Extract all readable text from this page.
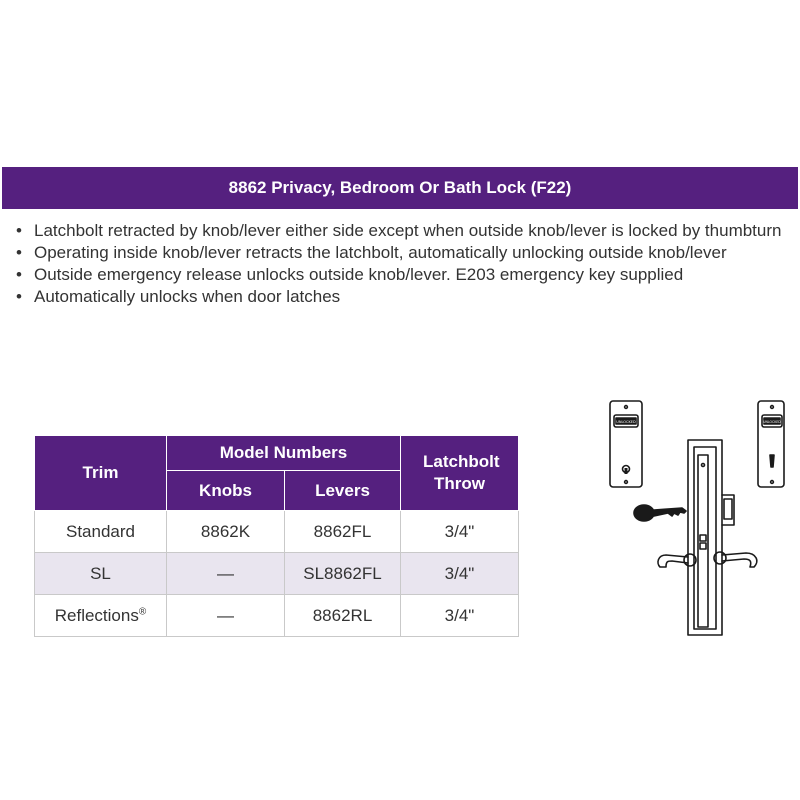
8862 Privacy, Bedroom Or Bath Lock (F22)
• Latchbolt retracted by knob/lever either side except when outside knob/lever is locked by thumbturn
• Operating inside knob/lever retracts the latchbolt, automatically unlocking outside knob/lever
• Outside emergency release unlocks outside knob/lever. E203 emergency key supplied
• Automatically unlocks when door latches
Trim	Model Numbers		Latchbolt Throw
	Knobs	Levers	
Standard	8862K	8862FL	3/4"
SL	—	SL8862FL	3/4"
Reflections®	—	8862RL	3/4"
UNLOCKED	UNLOCKED
